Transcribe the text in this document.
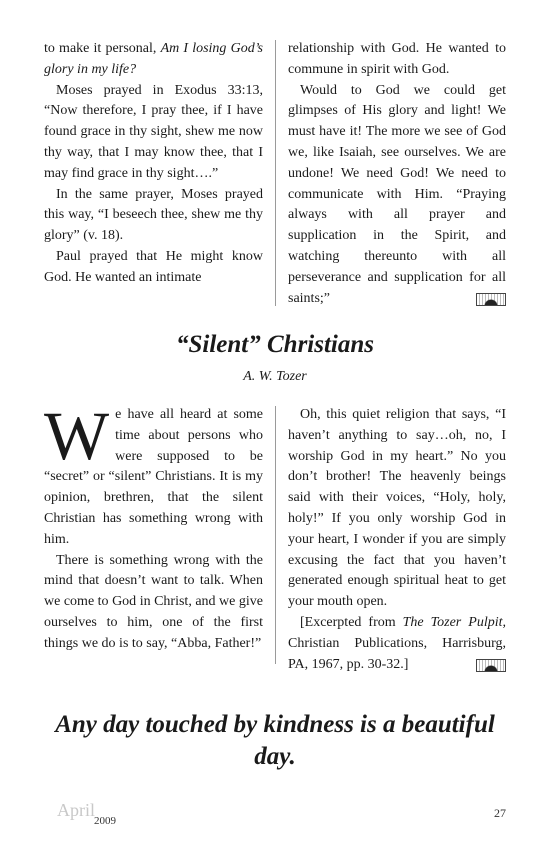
to make it personal, Am I losing God’s glory in my life?

Moses prayed in Exodus 33:13, “Now therefore, I pray thee, if I have found grace in thy sight, shew me now thy way, that I may know thee, that I may find grace in thy sight….”

In the same prayer, Moses prayed this way, “I beseech thee, shew me thy glory” (v. 18).

Paul prayed that He might know God. He wanted an intimate

relationship with God. He wanted to commune in spirit with God.

Would to God we could get glimpses of His glory and light! We must have it! The more we see of God we, like Isaiah, see ourselves. We are undone! We need God! We need to communicate with Him. “Praying always with all prayer and supplication in the Spirit, and watching thereunto with all perseverance and supplication for all saints;”

“Silent” Christians
A. W. Tozer

We have all heard at some time about persons who were supposed to be “secret” or “silent” Christians. It is my opinion, brethren, that the silent Christian has something wrong with him.

There is something wrong with the mind that doesn’t want to talk. When we come to God in Christ, and we give ourselves to him, one of the first things we do is to say, “Abba, Father!”

Oh, this quiet religion that says, “I haven’t anything to say…oh, no, I worship God in my heart.” No you don’t brother! The heavenly beings said with their voices, “Holy, holy, holy!” If you only worship God in your heart, I wonder if you are simply excusing the fact that you haven’t generated enough spiritual heat to get your mouth open.

[Excerpted from The Tozer Pulpit, Christian Publications, Harrisburg, PA, 1967, pp. 30-32.]

Any day touched by kindness is a beautiful day.
April
2009
27
